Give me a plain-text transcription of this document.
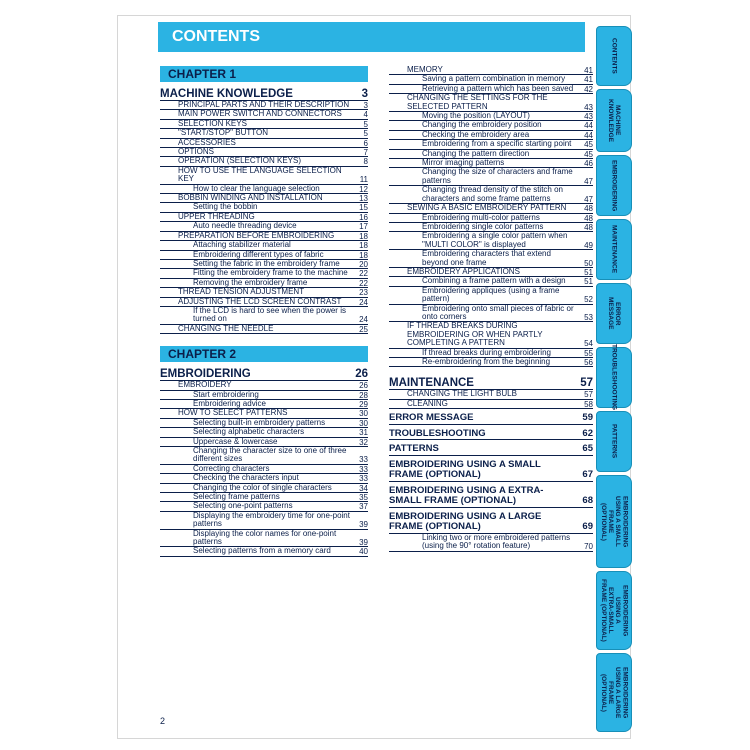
CONTENTS
CHAPTER 1
MACHINE KNOWLEDGE	3
PRINCIPAL PARTS AND THEIR DESCRIPTION	3
MAIN POWER SWITCH AND CONNECTORS	4
SELECTION KEYS	5
"START/STOP" BUTTON	5
ACCESSORIES	6
OPTIONS	7
OPERATION (SELECTION KEYS)	8
HOW TO USE THE LANGUAGE SELECTION KEY	11
How to clear the language selection	12
BOBBIN WINDING AND INSTALLATION	13
Setting the bobbin	15
UPPER THREADING	16
Auto needle threading device	17
PREPARATION BEFORE EMBROIDERING	18
Attaching stabilizer material	18
Embroidering different types of fabric	18
Setting the fabric in the embroidery frame	20
Fitting the embroidery frame to the machine	22
Removing the embroidery frame	22
THREAD TENSION ADJUSTMENT	23
ADJUSTING THE LCD SCREEN CONTRAST	24
If the LCD is hard to see when the power is turned on	24
CHANGING THE NEEDLE	25
CHAPTER 2
EMBROIDERING	26
EMBROIDERY	26
Start embroidering	28
Embroidering advice	29
HOW TO SELECT PATTERNS	30
Selecting built-in embroidery patterns	30
Selecting alphabetic characters	31
Uppercase & lowercase	32
Changing the character size to one of three different sizes	33
Correcting characters	33
Checking the characters input	33
Changing the color of single characters	34
Selecting frame patterns	35
Selecting one-point patterns	37
Displaying the embroidery time for one-point patterns	39
Displaying the color names for one-point patterns	39
Selecting patterns from a memory card	40
MEMORY	41
Saving a pattern combination in memory	41
Retrieving a pattern which has been saved	42
CHANGING THE SETTINGS FOR THE SELECTED PATTERN	43
Moving the position (LAYOUT)	43
Changing the embroidery position	44
Checking the embroidery area	44
Embroidering from a specific starting point	45
Changing the pattern direction	45
Mirror imaging patterns	46
Changing the size of characters and frame patterns	47
Changing thread density of the stitch on characters and some frame patterns	47
SEWING A BASIC EMBROIDERY PATTERN	48
Embroidering multi-color patterns	48
Embroidering single color patterns	48
Embroidering a single color pattern when "MULTI COLOR" is displayed	49
Embroidering characters that extend beyond one frame	50
EMBROIDERY APPLICATIONS	51
Combining a frame pattern with a design	51
Embroidering appliques (using a frame pattern)	52
Embroidering onto small pieces of fabric or onto corners	53
IF THREAD BREAKS DURING EMBROIDERING OR WHEN PARTLY COMPLETING A PATTERN	54
If thread breaks during embroidering	55
Re-embroidering from the beginning	56
MAINTENANCE	57
CHANGING THE LIGHT BULB	57
CLEANING	58
ERROR MESSAGE	59
TROUBLESHOOTING	62
PATTERNS	65
EMBROIDERING USING A SMALL FRAME (OPTIONAL)	67
EMBROIDERING USING A EXTRA-SMALL FRAME (OPTIONAL)	68
EMBROIDERING USING A LARGE FRAME (OPTIONAL)	69
Linking two or more embroidered patterns (using the 90° rotation feature)	70
2
CONTENTS
MACHINE
KNOWLEDGE
EMBROIDERING
MAINTENANCE
ERROR
MESSAGE
TROUBLESHOOTING
PATTERNS
EMBROIDERING
USING A SMALL
FRAME
(OPTIONAL)
EMBROIDERING
USING A
EXTRA-SMALL
FRAME (OPTIONAL)
EMBROIDERING
USING A LARGE
FRAME
(OPTIONAL)
